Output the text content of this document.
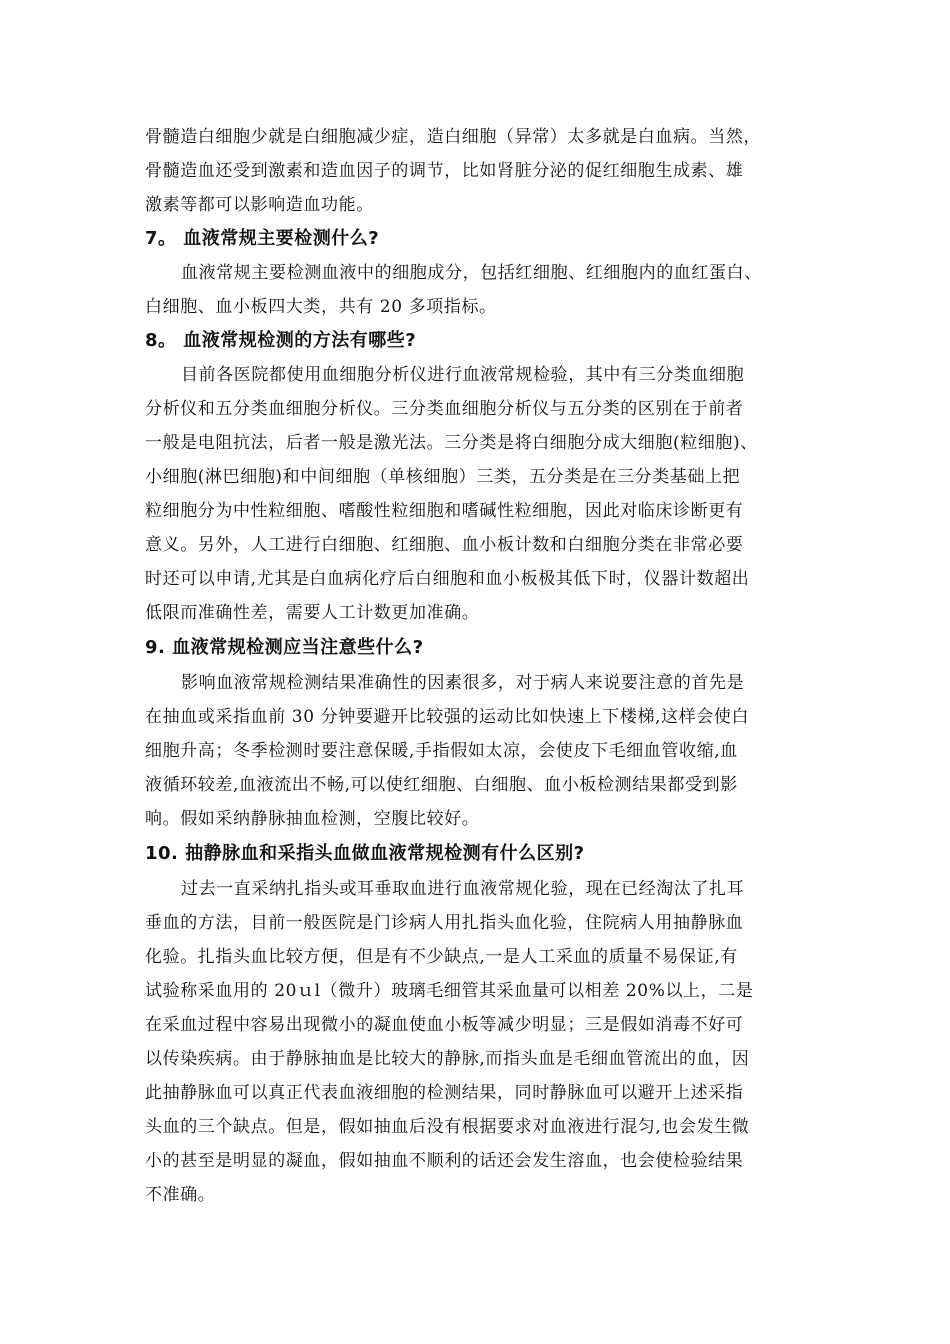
骨髓造白细胞少就是白细胞减少症，造白细胞（异常）太多就是白血病。当然，
骨髓造血还受到激素和造血因子的调节，比如肾脏分泌的促红细胞生成素、雄
激素等都可以影响造血功能。
7。 血液常规主要检测什么?
血液常规主要检测血液中的细胞成分，包括红细胞、红细胞内的血红蛋白、
白细胞、血小板四大类，共有 20 多项指标。
8。 血液常规检测的方法有哪些?
目前各医院都使用血细胞分析仪进行血液常规检验，其中有三分类血细胞
分析仪和五分类血细胞分析仪。三分类血细胞分析仪与五分类的区别在于前者
一般是电阻抗法，后者一般是激光法。三分类是将白细胞分成大细胞(粒细胞)、
小细胞(淋巴细胞)和中间细胞（单核细胞）三类，五分类是在三分类基础上把
粒细胞分为中性粒细胞、嗜酸性粒细胞和嗜碱性粒细胞，因此对临床诊断更有
意义。另外，人工进行白细胞、红细胞、血小板计数和白细胞分类在非常必要
时还可以申请,尤其是白血病化疗后白细胞和血小板极其低下时，仪器计数超出
低限而准确性差，需要人工计数更加准确。
9. 血液常规检测应当注意些什么?
影响血液常规检测结果准确性的因素很多，对于病人来说要注意的首先是
在抽血或采指血前 30 分钟要避开比较强的运动比如快速上下楼梯,这样会使白
细胞升高；冬季检测时要注意保暖,手指假如太凉，会使皮下毛细血管收缩,血
液循环较差,血液流出不畅,可以使红细胞、白细胞、血小板检测结果都受到影
响。假如采纳静脉抽血检测，空腹比较好。
10. 抽静脉血和采指头血做血液常规检测有什么区别?
过去一直采纳扎指头或耳垂取血进行血液常规化验，现在已经淘汰了扎耳
垂血的方法，目前一般医院是门诊病人用扎指头血化验，住院病人用抽静脉血
化验。扎指头血比较方便，但是有不少缺点,一是人工采血的质量不易保证,有
试验称采血用的 20ｕl（微升）玻璃毛细管其采血量可以相差 20%以上，二是
在采血过程中容易出现微小的凝血使血小板等减少明显；三是假如消毒不好可
以传染疾病。由于静脉抽血是比较大的静脉,而指头血是毛细血管流出的血，因
此抽静脉血可以真正代表血液细胞的检测结果，同时静脉血可以避开上述采指
头血的三个缺点。但是，假如抽血后没有根据要求对血液进行混匀,也会发生微
小的甚至是明显的凝血，假如抽血不顺利的话还会发生溶血，也会使检验结果
不准确。
